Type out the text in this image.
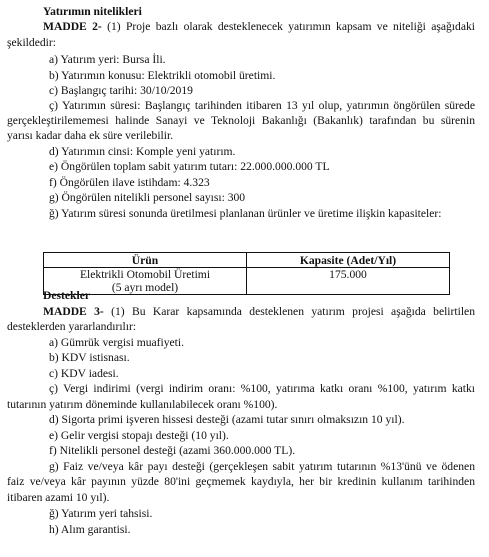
Yatırımın nitelikleri
MADDE 2- (1) Proje bazlı olarak desteklenecek yatırımın kapsam ve niteliği aşağıdaki
şekildedir:
a) Yatırım yeri: Bursa İli.
b) Yatırımın konusu: Elektrikli otomobil üretimi.
c) Başlangıç tarihi: 30/10/2019
ç) Yatırımın süresi: Başlangıç tarihinden itibaren 13 yıl olup, yatırımın öngörülen sürede
gerçekleştirilememesi halinde Sanayi ve Teknoloji Bakanlığı (Bakanlık) tarafından bu sürenin
yarısı kadar daha ek süre verilebilir.
d) Yatırımın cinsi: Komple yeni yatırım.
e) Öngörülen toplam sabit yatırım tutarı: 22.000.000.000 TL
f) Öngörülen ilave istihdam: 4.323
g) Öngörülen nitelikli personel sayısı: 300
ğ) Yatırım süresi sonunda üretilmesi planlanan ürünler ve üretime ilişkin kapasiteler:
Ürün	Kapasite (Adet/Yıl)

Elektrikli Otomobil Üretimi
(5 ayrı model)	175.000
Destekler
MADDE 3- (1) Bu Karar kapsamında desteklenen yatırım projesi aşağıda belirtilen
desteklerden yararlandırılır:
a) Gümrük vergisi muafiyeti.
b) KDV istisnası.
c) KDV iadesi.
ç) Vergi indirimi (vergi indirim oranı: %100, yatırıma katkı oranı %100, yatırım katkı
tutarının yatırım döneminde kullanılabilecek oranı %100).
d) Sigorta primi işveren hissesi desteği (azami tutar sınırı olmaksızın 10 yıl).
e) Gelir vergisi stopajı desteği (10 yıl).
f) Nitelikli personel desteği (azami 360.000.000 TL).
g) Faiz ve/veya kâr payı desteği (gerçekleşen sabit yatırım tutarının %13'ünü ve ödenen
faiz ve/veya kâr payının yüzde 80'ini geçmemek kaydıyla, her bir kredinin kullanım tarihinden
itibaren azami 10 yıl).
ğ) Yatırım yeri tahsisi.
h) Alım garantisi.
